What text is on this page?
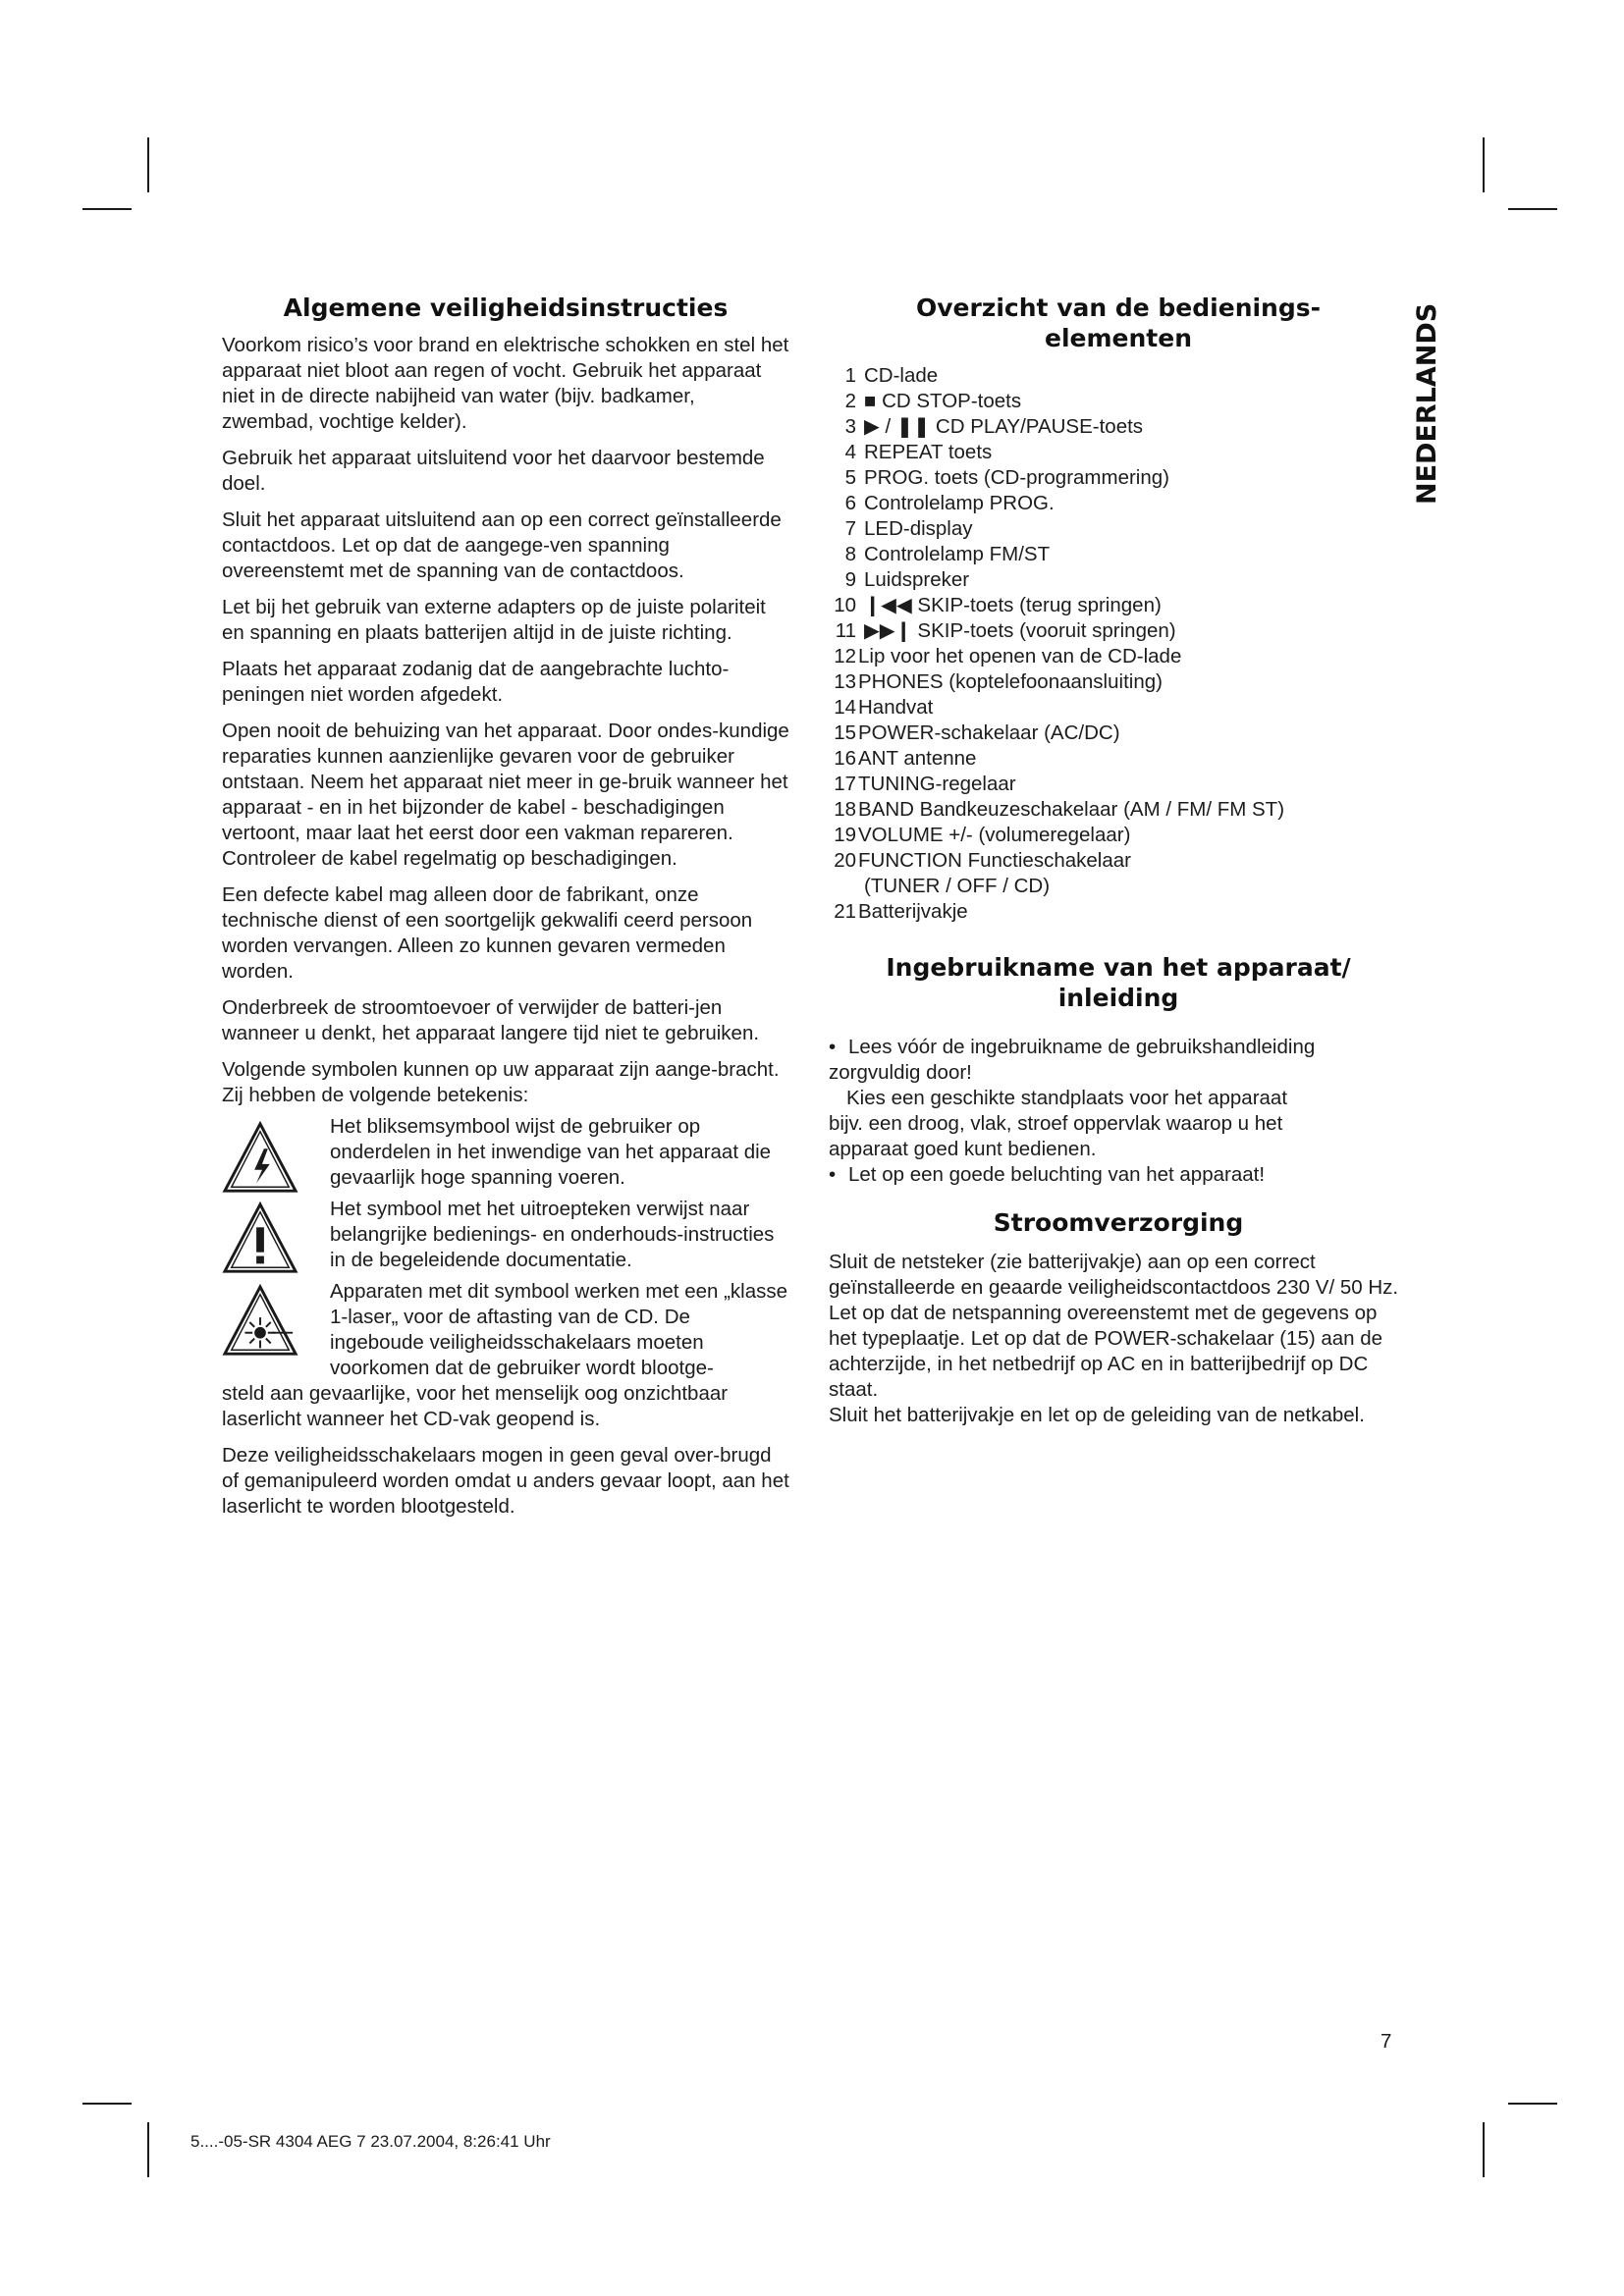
NEDERLANDS
Algemene veiligheidsinstructies

Voorkom risico’s voor brand en elektrische schokken en stel het apparaat niet bloot aan regen of vocht. Gebruik het apparaat niet in de directe nabijheid van water (bijv. badkamer, zwembad, vochtige kelder).

Gebruik het apparaat uitsluitend voor het daarvoor bestemde doel.

Sluit het apparaat uitsluitend aan op een correct geïnstalleerde contactdoos. Let op dat de aangege-ven spanning overeenstemt met de spanning van de contactdoos.

Let bij het gebruik van externe adapters op de juiste polariteit en spanning en plaats batterijen altijd in de juiste richting.

Plaats het apparaat zodanig dat de aangebrachte luchto-peningen niet worden afgedekt.

Open nooit de behuizing van het apparaat. Door ondes-kundige reparaties kunnen aanzienlijke gevaren voor de gebruiker ontstaan. Neem het apparaat niet meer in ge-bruik wanneer het apparaat - en in het bijzonder de kabel - beschadigingen vertoont, maar laat het eerst door een vakman repareren. Controleer de kabel regelmatig op beschadigingen.

Een defecte kabel mag alleen door de fabrikant, onze technische dienst of een soortgelijk gekwalifi ceerd persoon worden vervangen. Alleen zo kunnen gevaren vermeden worden.

Onderbreek de stroomtoevoer of verwijder de batteri-jen wanneer u denkt, het apparaat langere tijd niet te gebruiken.

Volgende symbolen kunnen op uw apparaat zijn aange-bracht. Zij hebben de volgende betekenis:

Het bliksemsymbool wijst de gebruiker op onderdelen in het inwendige van het apparaat die gevaarlijk hoge spanning voeren.
Het symbool met het uitroepteken verwijst naar belangrijke bedienings- en onderhouds-instructies in de begeleidende documentatie.
Apparaten met dit symbool werken met een „klasse 1-laser„ voor de aftasting van de CD. De ingeboude veiligheidsschakelaars moeten voorkomen dat de gebruiker wordt blootge-
steld aan gevaarlijke, voor het menselijk oog onzichtbaar laserlicht wanneer het CD-vak geopend is.

Deze veiligheidsschakelaars mogen in geen geval over-brugd of gemanipuleerd worden omdat u anders gevaar loopt, aan het laserlicht te worden blootgesteld.

Overzicht van de bedienings-
elementen
1 CD-lade
2 ■ CD STOP-toets
3 ▶ / ❚❚ CD PLAY/PAUSE-toets
4 REPEAT toets
5 PROG. toets (CD-programmering)
6 Controlelamp PROG.
7 LED-display
8 Controlelamp FM/ST
9 Luidspreker
10 ❙◀◀ SKIP-toets (terug springen)
11 ▶▶❙ SKIP-toets (vooruit springen)
12Lip voor het openen van de CD-lade
13PHONES (koptelefoonaansluiting)
14Handvat
15POWER-schakelaar (AC/DC)
16ANT antenne
17TUNING-regelaar
18BAND Bandkeuzeschakelaar (AM / FM/ FM ST)
19VOLUME +/- (volumeregelaar)
20FUNCTION Functieschakelaar
(TUNER / OFF / CD)
21Batterijvakje
Ingebruikname van het apparaat/
inleiding
• Lees vóór de ingebruikname de gebruikshandleiding
zorgvuldig door!
Kies een geschikte standplaats voor het apparaat
bijv. een droog, vlak, stroef oppervlak waarop u het
apparaat goed kunt bedienen.
• Let op een goede beluchting van het apparaat!
Stroomverzorging

Sluit de netsteker (zie batterijvakje) aan op een correct geïnstalleerde en geaarde veiligheidscontactdoos 230 V/ 50 Hz. Let op dat de netspanning overeenstemt met de gegevens op het typeplaatje. Let op dat de POWER-schakelaar (15) aan de achterzijde, in het netbedrijf op AC en in batterijbedrijf op DC staat.

Sluit het batterijvakje en let op de geleiding van de netkabel.

7
5....-05-SR 4304 AEG 7 23.07.2004, 8:26:41 Uhr
